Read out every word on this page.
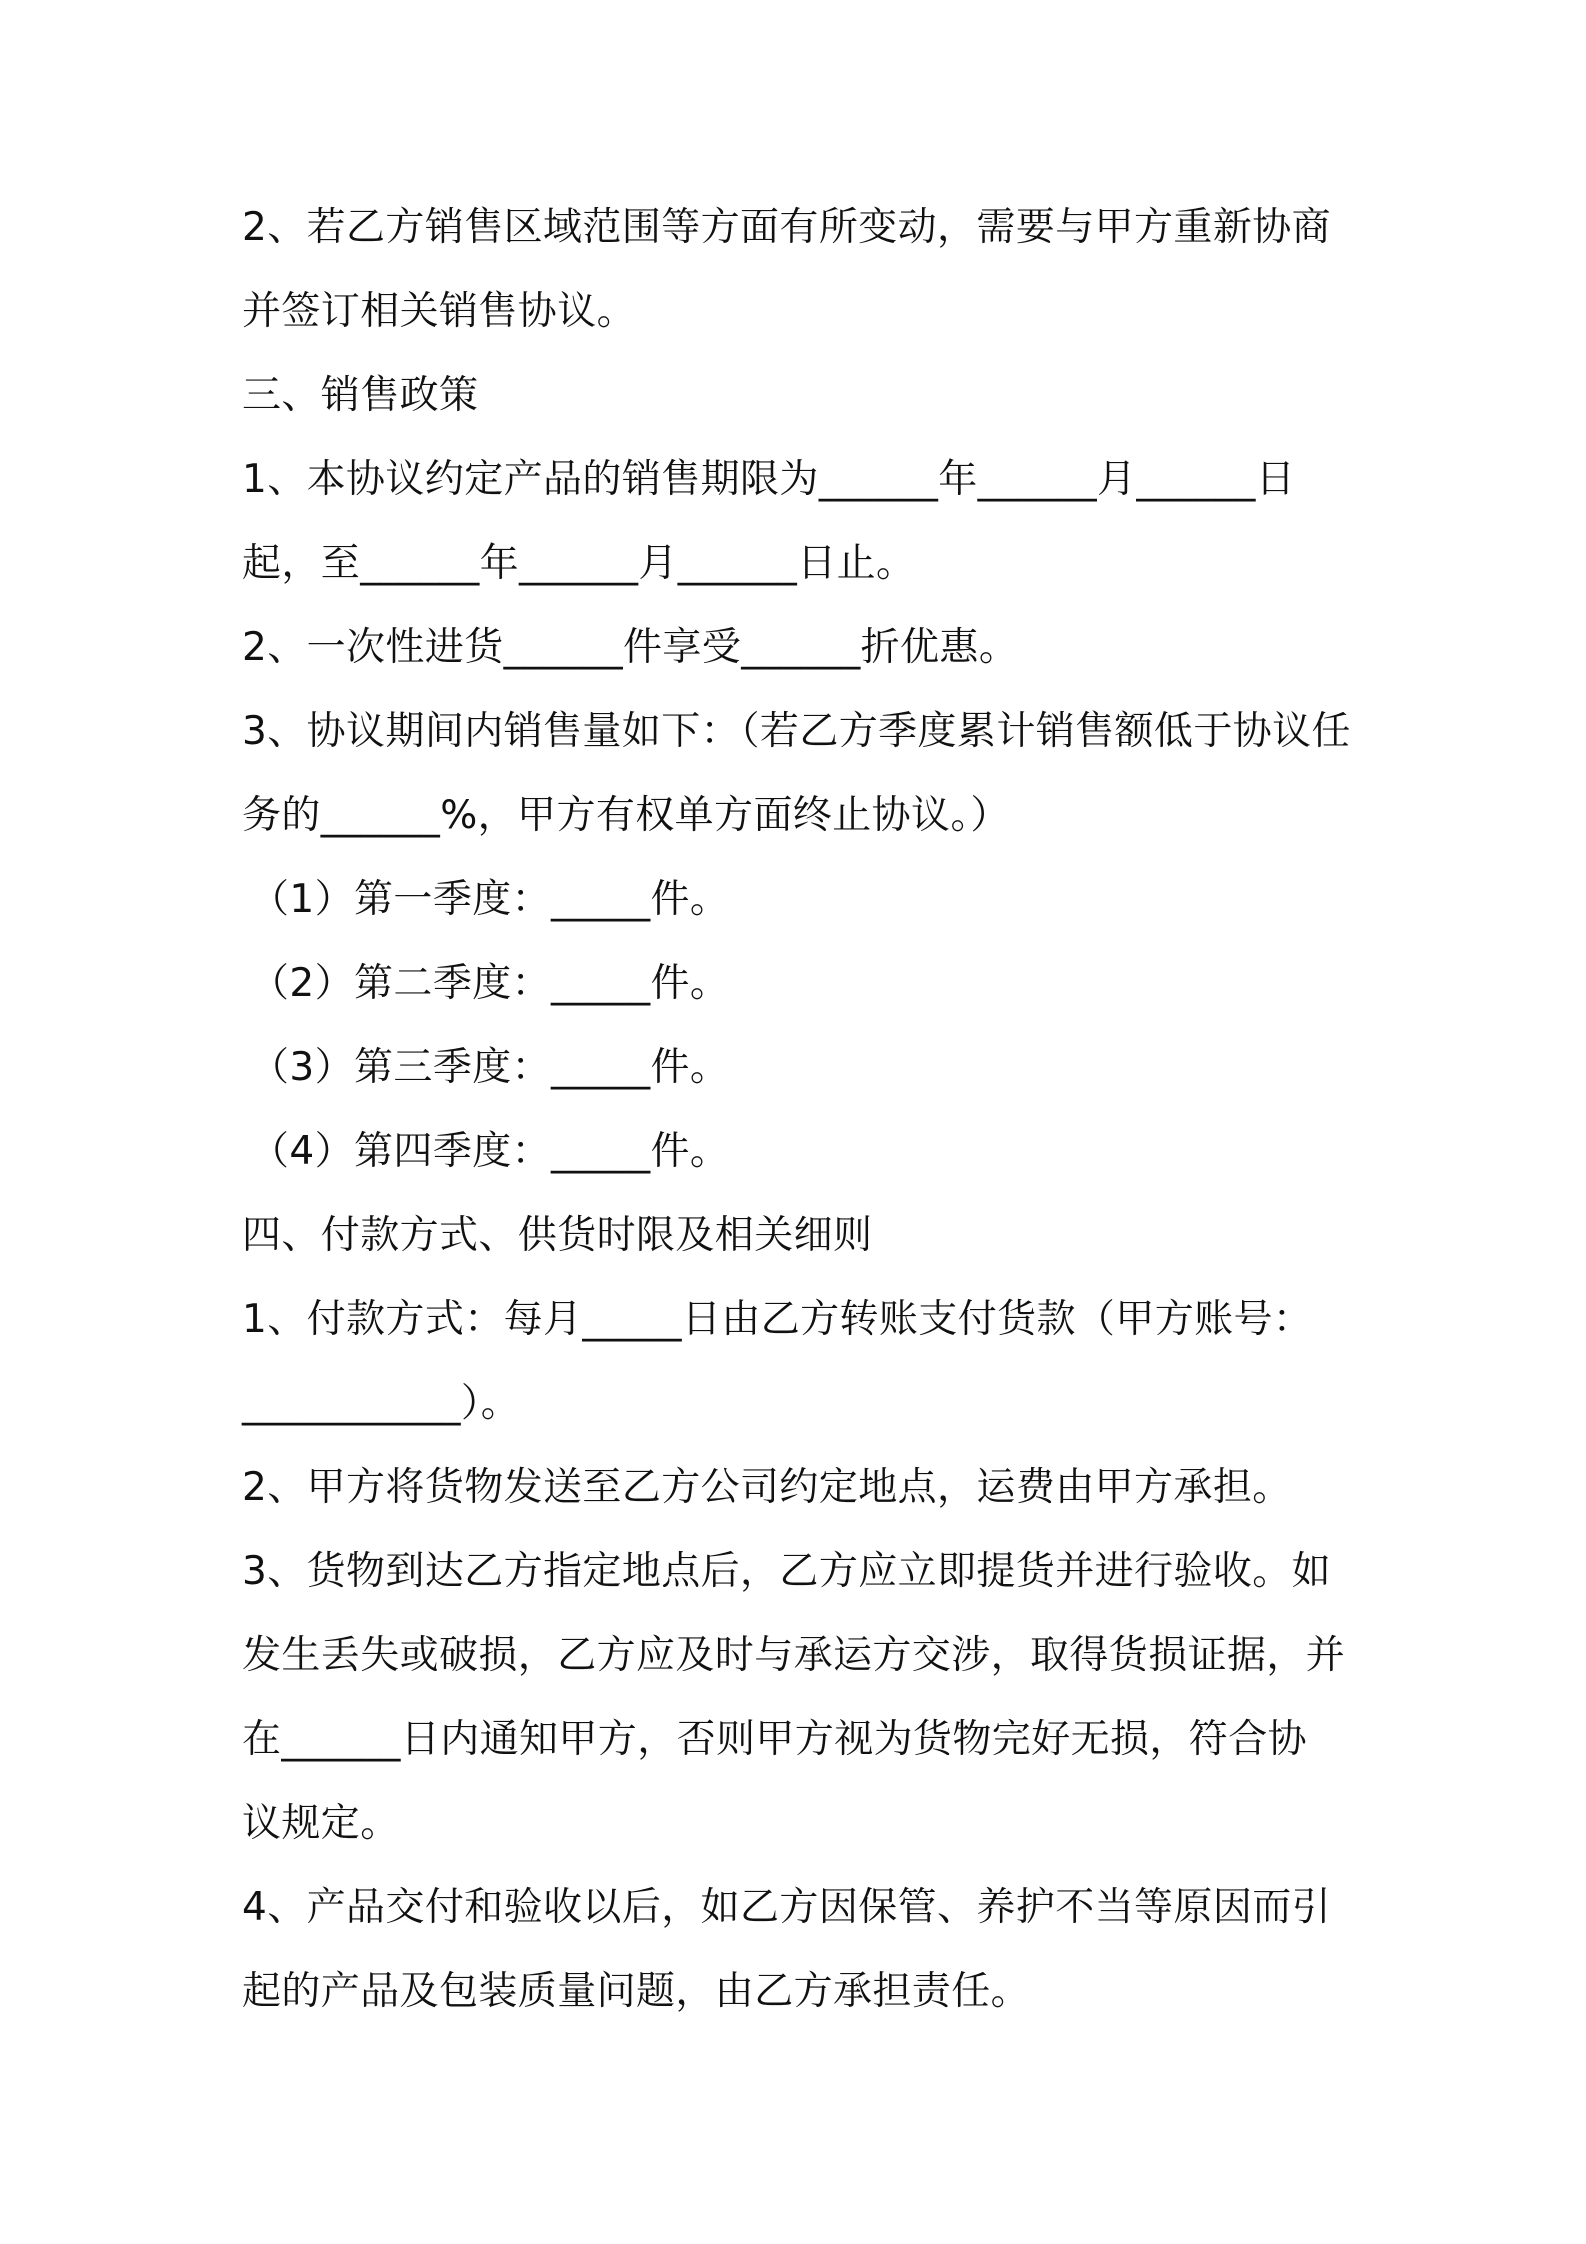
2、若乙方销售区域范围等方面有所变动，需要与甲方重新协商

并签订相关销售协议。

三、销售政策

1、本协议约定产品的销售期限为______年______月______日

起，至______年______月______日止。

2、一次性进货______件享受______折优惠。

3、协议期间内销售量如下：（若乙方季度累计销售额低于协议任

务的______%，甲方有权单方面终止协议。）

（1）第一季度：_____件。

（2）第二季度：_____件。

（3）第三季度：_____件。

（4）第四季度：_____件。

四、付款方式、供货时限及相关细则

1、付款方式：每月_____日由乙方转账支付货款（甲方账号：

___________）。

2、甲方将货物发送至乙方公司约定地点，运费由甲方承担。

3、货物到达乙方指定地点后，乙方应立即提货并进行验收。如

发生丢失或破损，乙方应及时与承运方交涉，取得货损证据，并

在______日内通知甲方，否则甲方视为货物完好无损，符合协

议规定。

4、产品交付和验收以后，如乙方因保管、养护不当等原因而引

起的产品及包装质量问题，由乙方承担责任。
